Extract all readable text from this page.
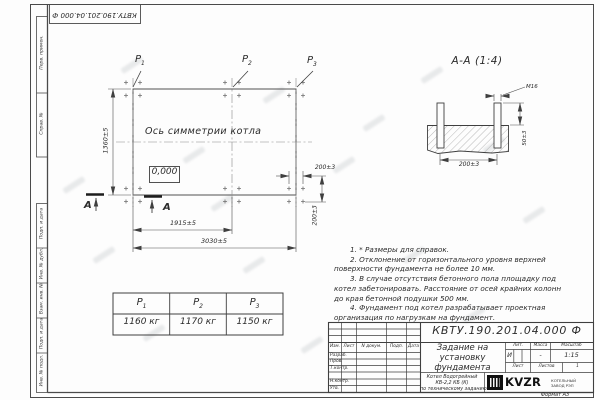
КВТУ.190.201.04.000 Ф
Перв. примен.
Справ. №
Подп. и дата
Инв. № дубл.
Взам. инв. №
Подп. и дата
Инв. № подл.
$Р_1$	$Р_2$	$Р_3$
Ось симметрии котла
0,000
А	А
1915±5
3030±5
1360±5
200±3
200±3
А-А (1:4)
М16
50±3
200±3
1. * Размеры для справок.
2. Отклонение от горизонтального уровня верхней поверхности фундамента не более 10 мм.
3. В случае отсутствия бетонного пола площадку под котел забетонировать. Расстояние от осей крайних колонн до края бетонной подушки 500 мм.
4. Фундамент под котел разрабатывает проектная организация по нагрузкам на фундамент.
$Р_1$	$Р_2$	$Р_3$
1160 кг	1170 кг	1150 кг
КВТУ.190.201.04.000 Ф
Задание на
установку
фундамента
Котел Водогрейный
КВ-2,2 КБ (К)
по техническому заданию
Изм. Лист	N докум.	Подп.	Дата
Разраб.
Пров.
Т.контр.
Н.контр.
Утв.
Лит.	Масса	Масштаб
И	-	1:15
Лист	Листов	1
KVZR	КОТЕЛЬНЫЙ
ЗАВОД РЭП
Формат А3
